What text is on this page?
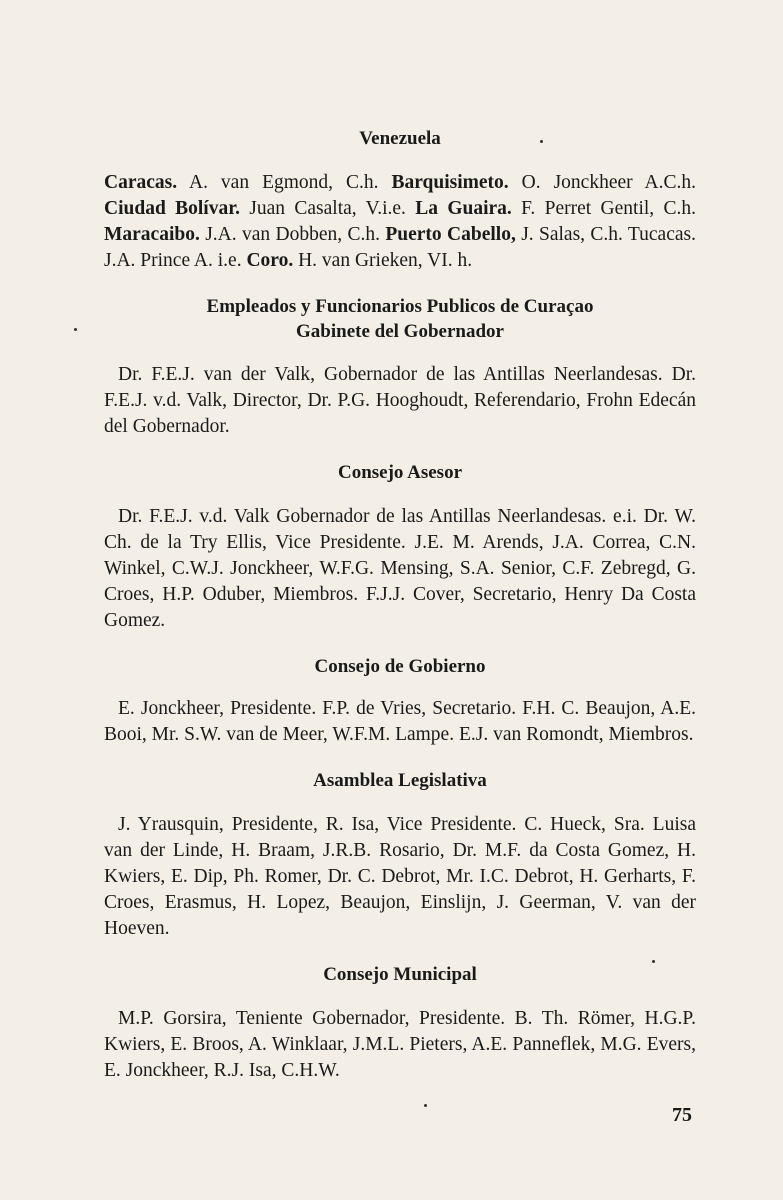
Venezuela

Caracas. A. van Egmond, C.h. Barquisimeto. O. Jonckheer A.C.h. Ciudad Bolívar. Juan Casalta, V.i.e. La Guaira. F. Perret Gentil, C.h. Maracaibo. J.A. van Dobben, C.h. Puerto Cabello, J. Salas, C.h. Tucacas. J.A. Prince A. i.e. Coro. H. van Grieken, VI. h.

Empleados y Funcionarios Publicos de Curaçao
Gabinete del Gobernador

Dr. F.E.J. van der Valk, Gobernador de las Antillas Neerlandesas. Dr. F.E.J. v.d. Valk, Director, Dr. P.G. Hooghoudt, Referendario, Frohn Edecán del Gobernador.

Consejo Asesor

Dr. F.E.J. v.d. Valk Gobernador de las Antillas Neerlandesas. e.i. Dr. W. Ch. de la Try Ellis, Vice Presidente. J.E. M. Arends, J.A. Correa, C.N. Winkel, C.W.J. Jonckheer, W.F.G. Mensing, S.A. Senior, C.F. Zebregd, G. Croes, H.P. Oduber, Miembros. F.J.J. Cover, Secretario, Henry Da Costa Gomez.

Consejo de Gobierno

E. Jonckheer, Presidente. F.P. de Vries, Secretario. F.H. C. Beaujon, A.E. Booi, Mr. S.W. van de Meer, W.F.M. Lampe. E.J. van Romondt, Miembros.

Asamblea Legislativa

J. Yrausquin, Presidente, R. Isa, Vice Presidente. C. Hueck, Sra. Luisa van der Linde, H. Braam, J.R.B. Rosario, Dr. M.F. da Costa Gomez, H. Kwiers, E. Dip, Ph. Romer, Dr. C. Debrot, Mr. I.C. Debrot, H. Gerharts, F. Croes, Erasmus, H. Lopez, Beaujon, Einslijn, J. Geerman, V. van der Hoeven.

Consejo Municipal

M.P. Gorsira, Teniente Gobernador, Presidente. B. Th. Römer, H.G.P. Kwiers, E. Broos, A. Winklaar, J.M.L. Pieters, A.E. Panneflek, M.G. Evers, E. Jonckheer, R.J. Isa, C.H.W.

75
